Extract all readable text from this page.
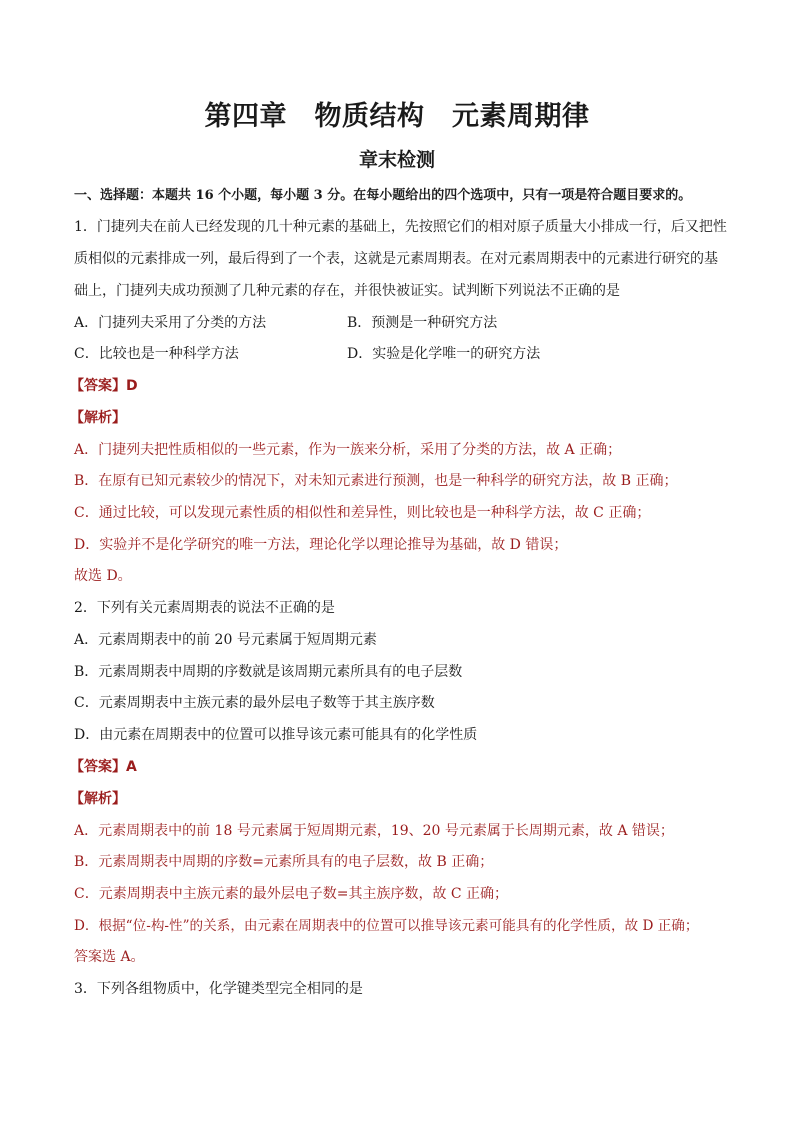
第四章　物质结构　元素周期律
章末检测
一、选择题：本题共 16 个小题，每小题 3 分。在每小题给出的四个选项中，只有一项是符合题目要求的。
1．门捷列夫在前人已经发现的几十种元素的基础上，先按照它们的相对原子质量大小排成一行，后又把性
质相似的元素排成一列，最后得到了一个表，这就是元素周期表。在对元素周期表中的元素进行研究的基
础上，门捷列夫成功预测了几种元素的存在，并很快被证实。试判断下列说法不正确的是
A．门捷列夫采用了分类的方法	B．预测是一种研究方法
C．比较也是一种科学方法	D．实验是化学唯一的研究方法
【答案】D
【解析】
A．门捷列夫把性质相似的一些元素，作为一族来分析，采用了分类的方法，故 A 正确；
B．在原有已知元素较少的情况下，对未知元素进行预测，也是一种科学的研究方法，故 B 正确；
C．通过比较，可以发现元素性质的相似性和差异性，则比较也是一种科学方法，故 C 正确；
D．实验并不是化学研究的唯一方法，理论化学以理论推导为基础，故 D 错误；
故选 D。
2．下列有关元素周期表的说法不正确的是
A．元素周期表中的前 20 号元素属于短周期元素
B．元素周期表中周期的序数就是该周期元素所具有的电子层数
C．元素周期表中主族元素的最外层电子数等于其主族序数
D．由元素在周期表中的位置可以推导该元素可能具有的化学性质
【答案】A
【解析】
A．元素周期表中的前 18 号元素属于短周期元素，19、20 号元素属于长周期元素，故 A 错误；
B．元素周期表中周期的序数=元素所具有的电子层数，故 B 正确；
C．元素周期表中主族元素的最外层电子数=其主族序数，故 C 正确；
D．根据“位-构-性”的关系，由元素在周期表中的位置可以推导该元素可能具有的化学性质，故 D 正确；
答案选 A。
3．下列各组物质中，化学键类型完全相同的是
